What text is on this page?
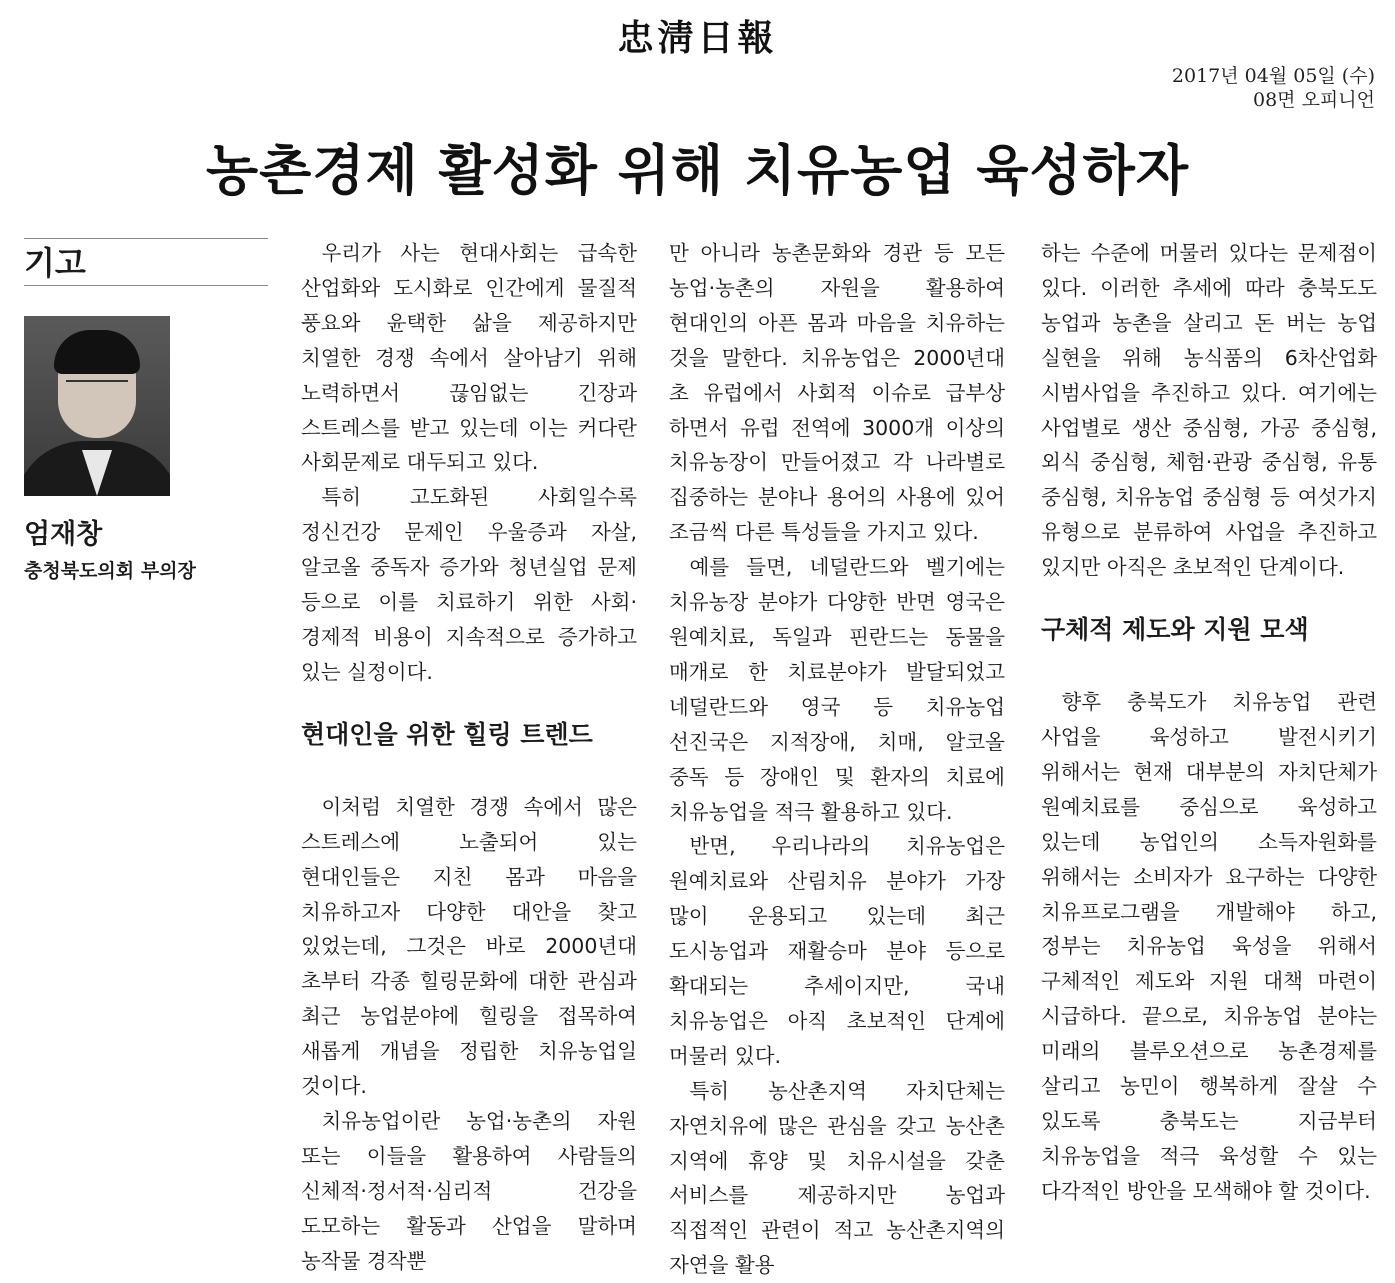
忠淸日報
2017년 04월 05일 (수)
08면 오피니언
농촌경제 활성화 위해 치유농업 육성하자
기고
엄재창
충청북도의회 부의장

우리가 사는 현대사회는 급속한 산업화와 도시화로 인간에게 물질적 풍요와 윤택한 삶을 제공하지만 치열한 경쟁 속에서 살아남기 위해 노력하면서 끊임없는 긴장과 스트레스를 받고 있는데 이는 커다란 사회문제로 대두되고 있다.

특히 고도화된 사회일수록 정신건강 문제인 우울증과 자살, 알코올 중독자 증가와 청년실업 문제 등으로 이를 치료하기 위한 사회·경제적 비용이 지속적으로 증가하고 있는 실정이다.

현대인을 위한 힐링 트렌드

이처럼 치열한 경쟁 속에서 많은 스트레스에 노출되어 있는 현대인들은 지친 몸과 마음을 치유하고자 다양한 대안을 찾고 있었는데, 그것은 바로 2000년대 초부터 각종 힐링문화에 대한 관심과 최근 농업분야에 힐링을 접목하여 새롭게 개념을 정립한 치유농업일 것이다.

치유농업이란 농업·농촌의 자원 또는 이들을 활용하여 사람들의 신체적·정서적·심리적 건강을 도모하는 활동과 산업을 말하며 농작물 경작뿐

만 아니라 농촌문화와 경관 등 모든 농업·농촌의 자원을 활용하여 현대인의 아픈 몸과 마음을 치유하는 것을 말한다. 치유농업은 2000년대 초 유럽에서 사회적 이슈로 급부상 하면서 유럽 전역에 3000개 이상의 치유농장이 만들어졌고 각 나라별로 집중하는 분야나 용어의 사용에 있어 조금씩 다른 특성들을 가지고 있다.

예를 들면, 네덜란드와 벨기에는 치유농장 분야가 다양한 반면 영국은 원예치료, 독일과 핀란드는 동물을 매개로 한 치료분야가 발달되었고 네덜란드와 영국 등 치유농업 선진국은 지적장애, 치매, 알코올 중독 등 장애인 및 환자의 치료에 치유농업을 적극 활용하고 있다.

반면, 우리나라의 치유농업은 원예치료와 산림치유 분야가 가장 많이 운용되고 있는데 최근 도시농업과 재활승마 분야 등으로 확대되는 추세이지만, 국내 치유농업은 아직 초보적인 단계에 머물러 있다.

특히 농산촌지역 자치단체는 자연치유에 많은 관심을 갖고 농산촌 지역에 휴양 및 치유시설을 갖춘 서비스를 제공하지만 농업과 직접적인 관련이 적고 농산촌지역의 자연을 활용

하는 수준에 머물러 있다는 문제점이 있다. 이러한 추세에 따라 충북도도 농업과 농촌을 살리고 돈 버는 농업 실현을 위해 농식품의 6차산업화 시범사업을 추진하고 있다. 여기에는 사업별로 생산 중심형, 가공 중심형, 외식 중심형, 체험·관광 중심형, 유통 중심형, 치유농업 중심형 등 여섯가지 유형으로 분류하여 사업을 추진하고 있지만 아직은 초보적인 단계이다.

구체적 제도와 지원 모색

향후 충북도가 치유농업 관련 사업을 육성하고 발전시키기 위해서는 현재 대부분의 자치단체가 원예치료를 중심으로 육성하고 있는데 농업인의 소득자원화를 위해서는 소비자가 요구하는 다양한 치유프로그램을 개발해야 하고, 정부는 치유농업 육성을 위해서 구체적인 제도와 지원 대책 마련이 시급하다. 끝으로, 치유농업 분야는 미래의 블루오션으로 농촌경제를 살리고 농민이 행복하게 잘살 수 있도록 충북도는 지금부터 치유농업을 적극 육성할 수 있는 다각적인 방안을 모색해야 할 것이다.
